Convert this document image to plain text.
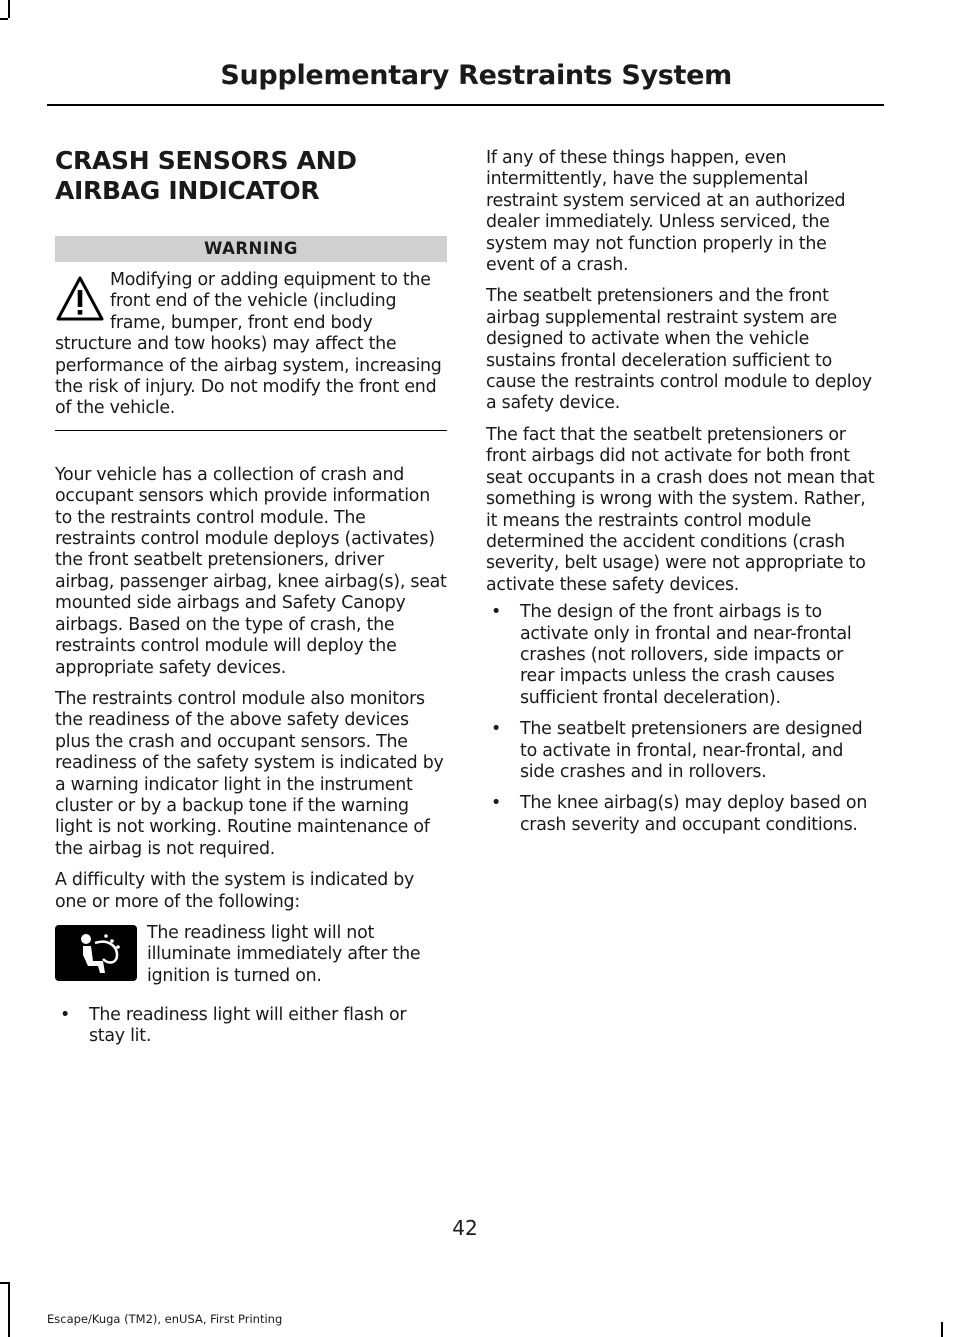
Supplementary Restraints System
CRASH SENSORS AND AIRBAG INDICATOR
WARNING

Modifying or adding equipment to the front end of the vehicle (including frame, bumper, front end body structure and tow hooks) may affect the performance of the airbag system, increasing the risk of injury. Do not modify the front end of the vehicle.

Your vehicle has a collection of crash and occupant sensors which provide information to the restraints control module. The restraints control module deploys (activates) the front seatbelt pretensioners, driver airbag, passenger airbag, knee airbag(s), seat mounted side airbags and Safety Canopy airbags. Based on the type of crash, the restraints control module will deploy the appropriate safety devices.

The restraints control module also monitors the readiness of the above safety devices plus the crash and occupant sensors. The readiness of the safety system is indicated by a warning indicator light in the instrument cluster or by a backup tone if the warning light is not working. Routine maintenance of the airbag is not required.

A difficulty with the system is indicated by one or more of the following:

The readiness light will not illuminate immediately after the ignition is turned on.

• The readiness light will either flash or stay lit.

If any of these things happen, even intermittently, have the supplemental restraint system serviced at an authorized dealer immediately. Unless serviced, the system may not function properly in the event of a crash.

The seatbelt pretensioners and the front airbag supplemental restraint system are designed to activate when the vehicle sustains frontal deceleration sufficient to cause the restraints control module to deploy a safety device.

The fact that the seatbelt pretensioners or front airbags did not activate for both front seat occupants in a crash does not mean that something is wrong with the system. Rather, it means the restraints control module determined the accident conditions (crash severity, belt usage) were not appropriate to activate these safety devices.

• The design of the front airbags is to activate only in frontal and near-frontal crashes (not rollovers, side impacts or rear impacts unless the crash causes sufficient frontal deceleration).
• The seatbelt pretensioners are designed to activate in frontal, near-frontal, and side crashes and in rollovers.
• The knee airbag(s) may deploy based on crash severity and occupant conditions.
42
Escape/Kuga (TM2), enUSA, First Printing
